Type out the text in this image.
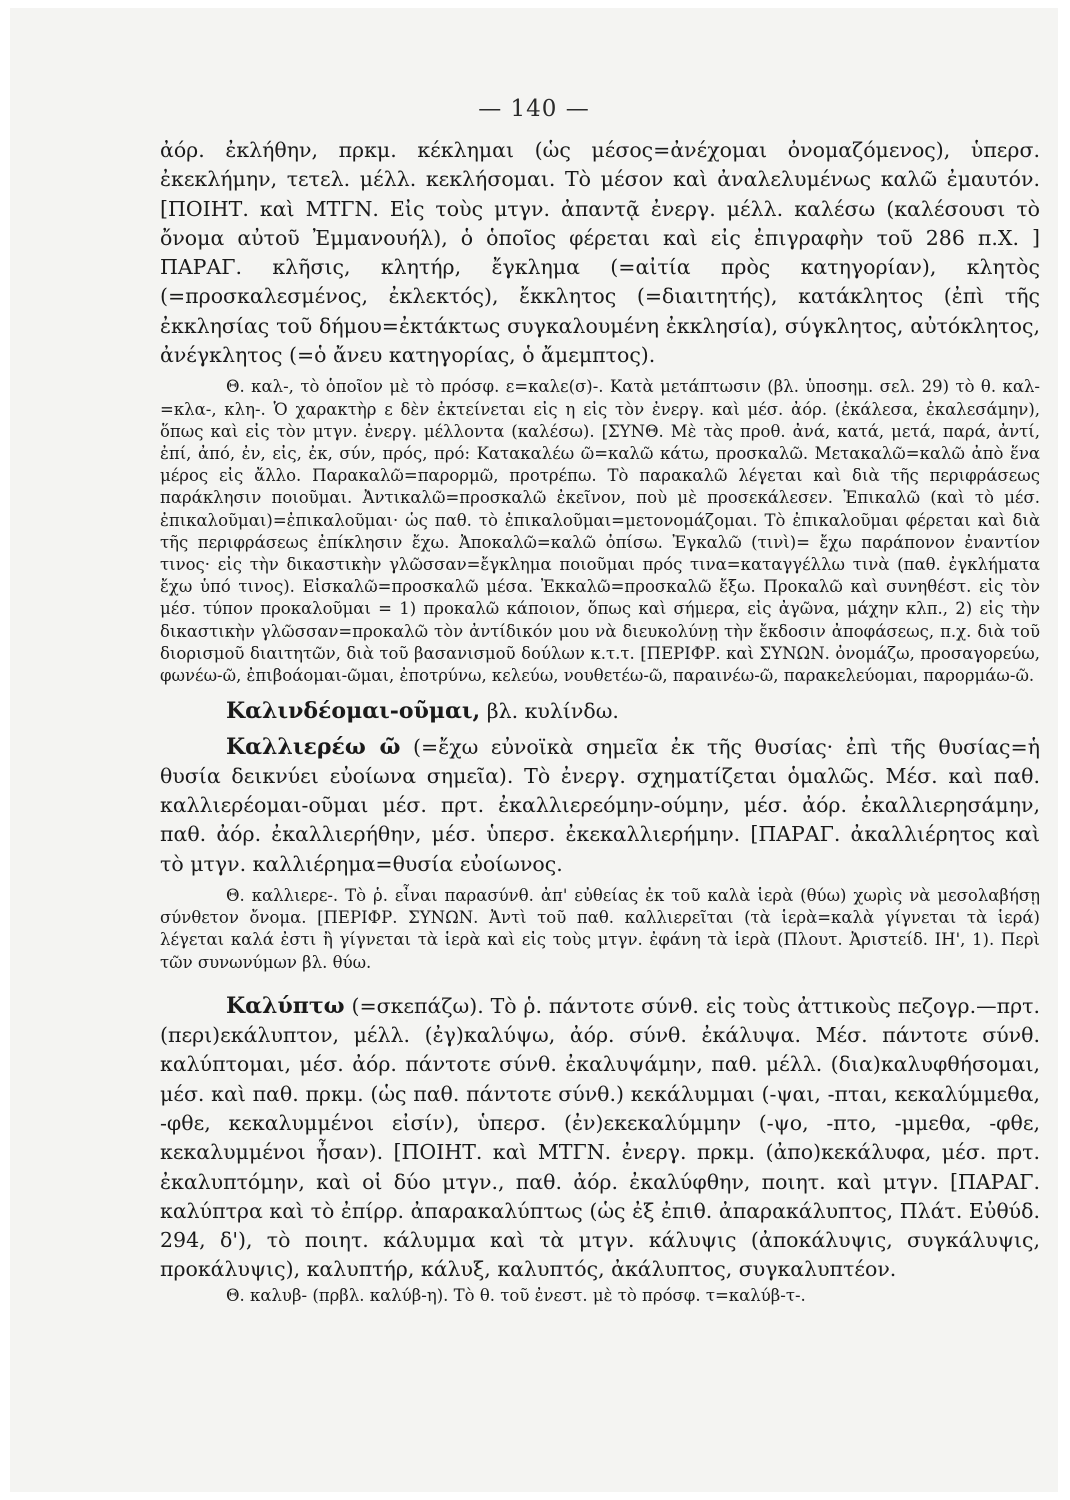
— 140 —

ἀόρ. ἐκλήθην, πρκμ. κέκλημαι (ὡς μέσος=ἀνέχομαι ὀνομαζόμενος), ὑπερσ. ἐκεκλήμην, τετελ. μέλλ. κεκλήσομαι. Τὸ μέσον καὶ ἀναλελυμένως καλῶ ἐμαυτόν. [ΠΟΙΗΤ. καὶ ΜΤΓΝ. Εἰς τοὺς μτγν. ἀπαντᾷ ἐνεργ. μέλλ. καλέσω (καλέσουσι τὸ ὄνομα αὐτοῦ Ἐμμανουήλ), ὁ ὁποῖος φέρεται καὶ εἰς ἐπιγραφὴν τοῦ 286 π.Χ. ] ΠΑΡΑΓ. κλῆσις, κλητήρ, ἔγκλημα (=αἰτία πρὸς κατηγορίαν), κλητὸς (=προσκαλεσμένος, ἐκλεκτός), ἔκκλητος (=διαιτητής), κατάκλητος (ἐπὶ τῆς ἐκκλησίας τοῦ δήμου=ἐκτάκτως συγκαλουμένη ἐκκλησία), σύγκλητος, αὐτόκλητος, ἀνέγκλητος (=ὁ ἄνευ κατηγορίας, ὁ ἄμεμπτος).

Θ. καλ-, τὸ ὁποῖον μὲ τὸ πρόσφ. ε=καλε(σ)-. Κατὰ μετάπτωσιν (βλ. ὑποσημ. σελ. 29) τὸ θ. καλ-=κλα-, κλη-. Ὁ χαρακτὴρ ε δὲν ἐκτείνεται εἰς η εἰς τὸν ἐνεργ. καὶ μέσ. ἀόρ. (ἐκάλεσα, ἐκαλεσάμην), ὅπως καὶ εἰς τὸν μτγν. ἐνεργ. μέλλοντα (καλέσω). [ΣΥΝΘ. Μὲ τὰς προθ. ἀνά, κατά, μετά, παρά, ἀντί, ἐπί, ἀπό, ἐν, εἰς, ἐκ, σύν, πρός, πρό: Κατακαλέω ῶ=καλῶ κάτω, προσκαλῶ. Μετακαλῶ=καλῶ ἀπὸ ἕνα μέρος εἰς ἄλλο. Παρακαλῶ=παρορμῶ, προτρέπω. Τὸ παρακαλῶ λέγεται καὶ διὰ τῆς περιφράσεως παράκλησιν ποιοῦμαι. Ἀντικαλῶ=προσκαλῶ ἐκεῖνον, ποὺ μὲ προσεκάλεσεν. Ἐπικαλῶ (καὶ τὸ μέσ. ἐπικαλοῦμαι)=ἐπικαλοῦμαι· ὡς παθ. τὸ ἐπικαλοῦμαι=μετονομάζομαι. Τὸ ἐπικαλοῦμαι φέρεται καὶ διὰ τῆς περιφράσεως ἐπίκλησιν ἔχω. Ἀποκαλῶ=καλῶ ὀπίσω. Ἐγκαλῶ (τινὶ)= ἔχω παράπονον ἐναντίον τινος· εἰς τὴν δικαστικὴν γλῶσσαν=ἔγκλημα ποιοῦμαι πρός τινα=καταγγέλλω τινὰ (παθ. ἐγκλήματα ἔχω ὑπό τινος). Εἰσκαλῶ=προσκαλῶ μέσα. Ἐκκαλῶ=προσκαλῶ ἔξω. Προκαλῶ καὶ συνηθέστ. εἰς τὸν μέσ. τύπον προκαλοῦμαι = 1) προκαλῶ κάποιον, ὅπως καὶ σήμερα, εἰς ἀγῶνα, μάχην κλπ., 2) εἰς τὴν δικαστικὴν γλῶσσαν=προκαλῶ τὸν ἀντίδικόν μου νὰ διευκολύνῃ τὴν ἔκδοσιν ἀποφάσεως, π.χ. διὰ τοῦ διορισμοῦ διαιτητῶν, διὰ τοῦ βασανισμοῦ δούλων κ.τ.τ. [ΠΕΡΙΦΡ. καὶ ΣΥΝΩΝ. ὀνομάζω, προσαγορεύω, φωνέω-ῶ, ἐπιβοάομαι-ῶμαι, ἐποτρύνω, κελεύω, νουθετέω-ῶ, παραινέω-ῶ, παρακελεύομαι, παρορμάω-ῶ.

Καλινδέομαι-οῦμαι, βλ. κυλίνδω.

Καλλιερέω ῶ (=ἔχω εὐνοϊκὰ σημεῖα ἐκ τῆς θυσίας· ἐπὶ τῆς θυσίας=ἡ θυσία δεικνύει εὐοίωνα σημεῖα). Τὸ ἐνεργ. σχηματίζεται ὁμαλῶς. Μέσ. καὶ παθ. καλλιερέομαι-οῦμαι μέσ. πρτ. ἐκαλλιερεόμην-ούμην, μέσ. ἀόρ. ἐκαλλιερησάμην, παθ. ἀόρ. ἐκαλλιερήθην, μέσ. ὑπερσ. ἐκεκαλλιερήμην. [ΠΑΡΑΓ. ἀκαλλιέρητος καὶ τὸ μτγν. καλλιέρημα=θυσία εὐοίωνος.

Θ. καλλιερε-. Τὸ ῥ. εἶναι παρασύνθ. ἀπ' εὐθείας ἐκ τοῦ καλὰ ἱερὰ (θύω) χωρὶς νὰ μεσολαβήσῃ σύνθετον ὄνομα. [ΠΕΡΙΦΡ. ΣΥΝΩΝ. Ἀντὶ τοῦ παθ. καλλιερεῖται (τὰ ἱερὰ=καλὰ γίγνεται τὰ ἱερά) λέγεται καλά ἐστι ἢ γίγνεται τὰ ἱερὰ καὶ εἰς τοὺς μτγν. ἐφάνη τὰ ἱερὰ (Πλουτ. Ἀριστείδ. ΙΗ', 1). Περὶ τῶν συνωνύμων βλ. θύω.

Καλύπτω (=σκεπάζω). Τὸ ῥ. πάντοτε σύνθ. εἰς τοὺς ἀττικοὺς πεζογρ.—πρτ. (περι)εκάλυπτον, μέλλ. (ἐγ)καλύψω, ἀόρ. σύνθ. ἐκάλυψα. Μέσ. πάντοτε σύνθ. καλύπτομαι, μέσ. ἀόρ. πάντοτε σύνθ. ἐκαλυψάμην, παθ. μέλλ. (δια)καλυφθήσομαι, μέσ. καὶ παθ. πρκμ. (ὡς παθ. πάντοτε σύνθ.) κεκάλυμμαι (-ψαι, -πται, κεκαλύμμεθα, -φθε, κεκαλυμμένοι εἰσίν), ὑπερσ. (ἐν)εκεκαλύμμην (-ψο, -πτο, -μμεθα, -φθε, κεκαλυμμένοι ἦσαν). [ΠΟΙΗΤ. καὶ ΜΤΓΝ. ἐνεργ. πρκμ. (ἀπο)κεκάλυφα, μέσ. πρτ. ἐκαλυπτόμην, καὶ οἱ δύο μτγν., παθ. ἀόρ. ἐκαλύφθην, ποιητ. καὶ μτγν. [ΠΑΡΑΓ. καλύπτρα καὶ τὸ ἐπίρρ. ἀπαρακαλύπτως (ὡς ἐξ ἐπιθ. ἀπαρακάλυπτος, Πλάτ. Εὐθύδ. 294, δ'), τὸ ποιητ. κάλυμμα καὶ τὰ μτγν. κάλυψις (ἀποκάλυψις, συγκάλυψις, προκάλυψις), καλυπτήρ, κάλυξ, καλυπτός, ἀκάλυπτος, συγκαλυπτέον.

Θ. καλυβ- (πρβλ. καλύβ-η). Τὸ θ. τοῦ ἐνεστ. μὲ τὸ πρόσφ. τ=καλύβ-τ-.
